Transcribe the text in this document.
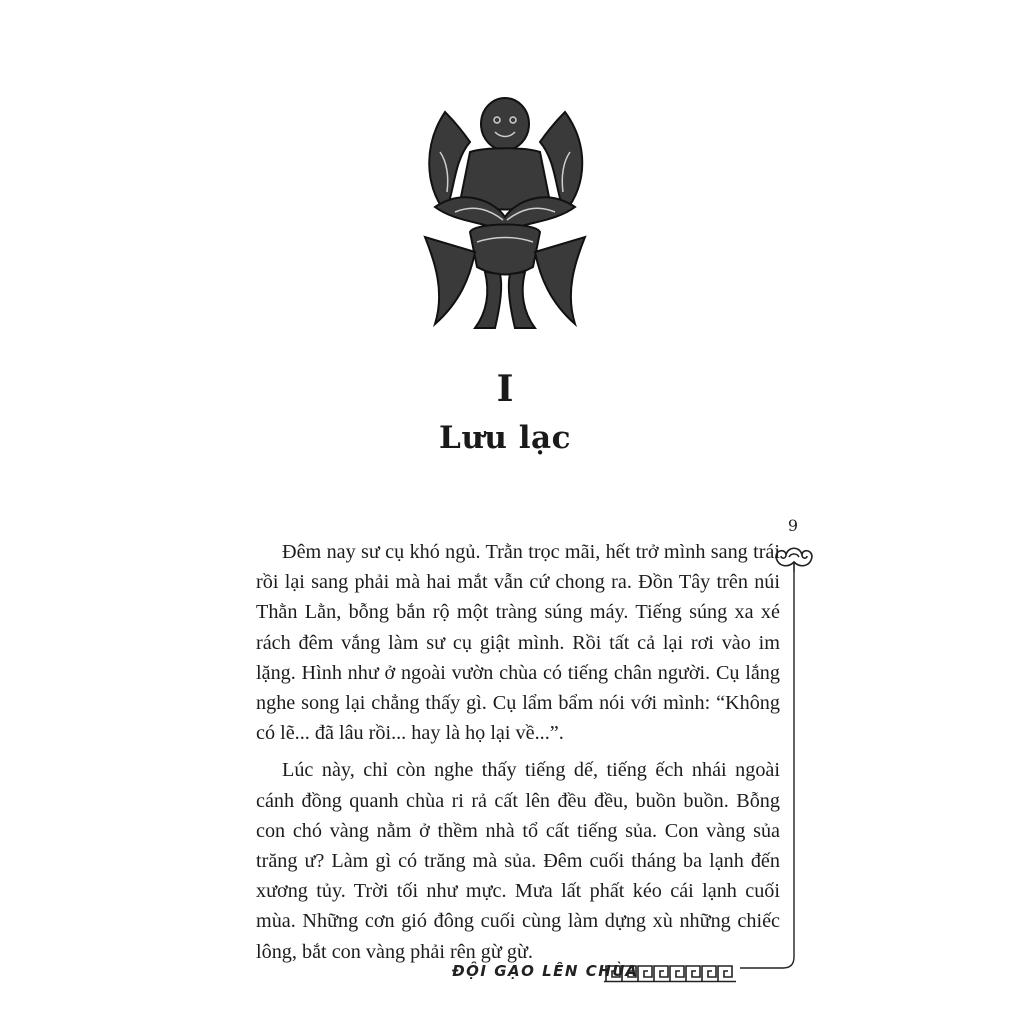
I
Lưu lạc
9

Đêm nay sư cụ khó ngủ. Trằn trọc mãi, hết trở mình sang trái rồi lại sang phải mà hai mắt vẫn cứ chong ra. Đồn Tây trên núi Thằn Lằn, bỗng bắn rộ một tràng súng máy. Tiếng súng xa xé rách đêm vắng làm sư cụ giật mình. Rồi tất cả lại rơi vào im lặng. Hình như ở ngoài vườn chùa có tiếng chân người. Cụ lắng nghe song lại chẳng thấy gì. Cụ lẩm bẩm nói với mình: “Không có lẽ... đã lâu rồi... hay là họ lại về...”.

Lúc này, chỉ còn nghe thấy tiếng dế, tiếng ếch nhái ngoài cánh đồng quanh chùa ri rả cất lên đều đều, buồn buồn. Bỗng con chó vàng nằm ở thềm nhà tổ cất tiếng sủa. Con vàng sủa trăng ư? Làm gì có trăng mà sủa. Đêm cuối tháng ba lạnh đến xương tủy. Trời tối như mực. Mưa lất phất kéo cái lạnh cuối mùa. Những cơn gió đông cuối cùng làm dựng xù những chiếc lông, bắt con vàng phải rên gừ gừ.

ĐỘI GẠO LÊN CHÙA
